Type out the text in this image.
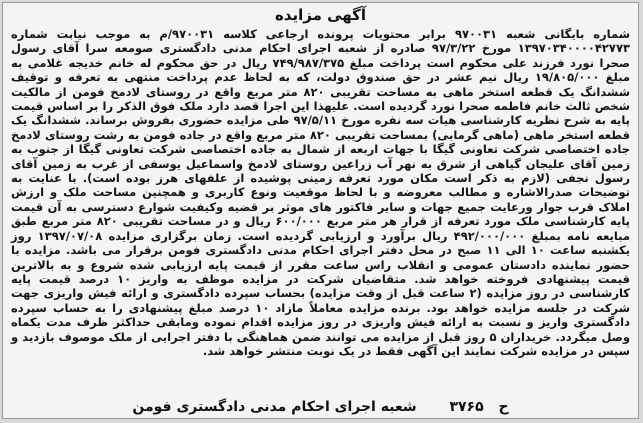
آگهی مزایده
شماره بایگانی شعبه ۹۷۰۰۳۱ برابر محتویات پرونده ارجاعی کلاسه ۹۷۰۰۳۱/م به موجب نیابت شماره ۱۳۹۷۰۳۴۰۰۰۰۴۲۷۷۳ مورخ ۹۷/۳/۲۲ صادره از شعبه اجرای احکام مدنی دادگستری صومعه سرا آقای رسول صحرا نورد فرزند علی محکوم است پرداخت مبلغ ۷۴۹/۹۸۷/۳۷۵ ریال در حق محکوم له خانم خدیجه غلامی به مبلغ ۱۹/۸۰۵/۰۰۰ ریال نیم عشر در حق صندوق دولت، که به لحاظ عدم پرداخت منتهی به تعرفه و توقیف ششدانگ یک قطعه استخر ماهی به مساحت تقریبی ۸۲۰ متر مربع واقع در روستای لادمخ فومن از مالکیت شخص ثالث خانم فاطمه صحرا نورد گردیده است. علیهذا این اجرا قصد دارد ملک فوق الذکر را بر اساس قیمت پایه به شرح نظریه کارشناسی هیات سه نفره مورخ ۹۷/۵/۱۱ طی مزایده حضوری بفروش برساند. ششدانگ یک قطعه استخر ماهی (ماهی گرمابی) بمساحت تقریبی ۸۲۰ متر مربع واقع در جاده فومن به رشت روستای لادمخ جاده اختصاصی شرکت تعاونی گیگا با جهات اربعه از شمال به جاده اختصاصی شرکت تعاونی گیگا از جنوب به زمین آقای علیجان گیاهی از شرق به نهر آب زراعین روستای لادمخ واسماعیل یوسفی از غرب به زمین آقای رسول نجفی (لازم به ذکر است مکان مورد تعرفه زمینی پوشیده از علفهای هرز بوده است). با عنایت به توضیحات صدرالاشاره و مطالب معروضه و با لحاظ موقعیت ونوع کاربری و همچنین مساحت ملک و ارزش املاک قرب جوار ورعایت جمیع جهات و سایر فاکتور های موثر بر قضیه وکیفیت شوارع دسترسی به آن قیمت پایه کارشناسی ملک مورد تعرفه از قرار هر متر مربع ۶۰۰/۰۰۰ ریال و در مساحت تقریبی ۸۲۰ متر مربع طبق مبایعه نامه بمبلغ ۴۹۲/۰۰۰/۰۰۰ ریال برآورد و ارزیابی گردیده است. زمان برگزاری مزایده ۱۳۹۷/۰۷/۰۸ روز یکشنبه ساعت ۱۰ الی ۱۱ صبح در محل دفتر اجرای احکام مدنی دادگستری فومن برقرار می باشد. مزایده با حضور نماینده دادستان عمومی و انقلاب راس ساعت مقرر از قیمت پایه ارزیابی شده شروع و به بالاترین قیمت پیشنهادی فروخته خواهد شد. متقاضیان شرکت در مزایده موظف به واریز ۱۰ درصد قیمت پایه کارشناسی در روز مزایده (۲ ساعت قبل از وقت مزایده) بحساب سپرده دادگستری و ارائه فیش واریزی جهت شرکت در جلسه مزایده خواهد بود. برنده مزایده معاملاً مازاد ۱۰ درصد مبلغ پیشنهادی را به حساب سپرده دادگستری واریز و نسبت به ارائه فیش واریزی در روز مزایده اقدام نموده ومابقی حداکثر ظرف مدت یکماه وصل میگردد. خریداران ۵ روز قبل از مزایده می توانند ضمن هماهنگی با دفتر اجرایی از ملک موصوف بازدید و سپس در مزایده شرکت نمایند این آگهی فقط در یک نوبت منتشر خواهد شد.
ح ۳۷۶۵ شعبه اجرای احکام مدنی دادگستری فومن
